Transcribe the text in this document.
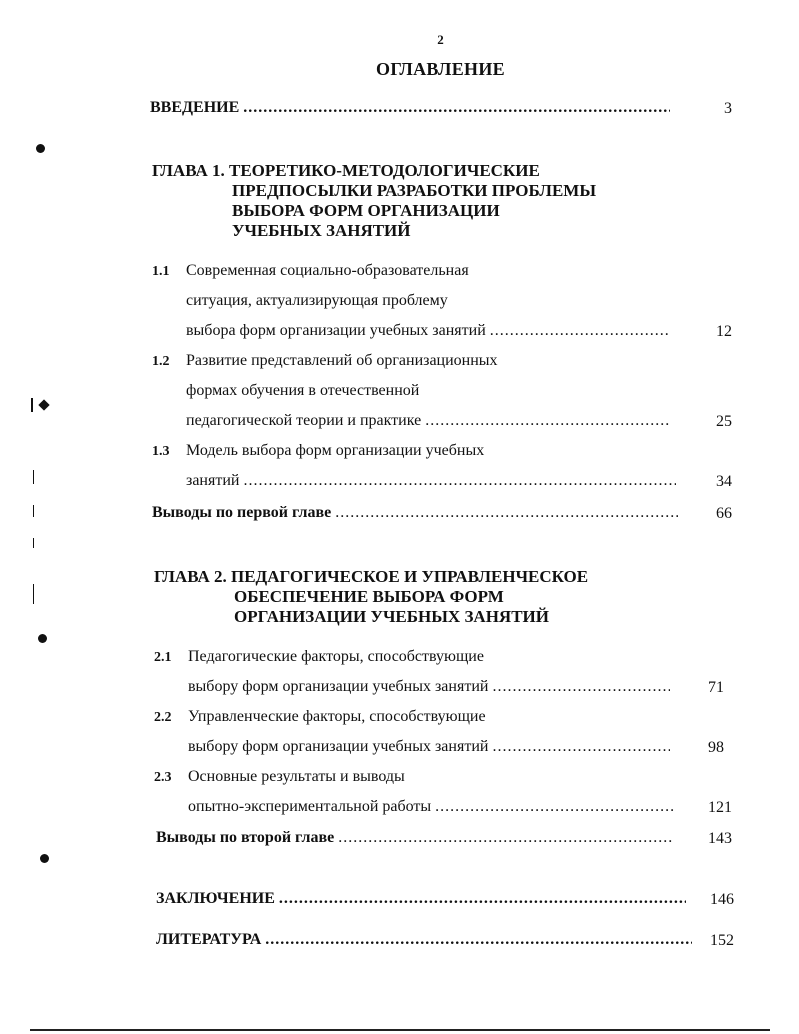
2
ОГЛАВЛЕНИЕ
ВВЕДЕНИЕ .....	3
ГЛАВА 1. ТЕОРЕТИКО-МЕТОДОЛОГИЧЕСКИЕ
ПРЕДПОСЫЛКИ РАЗРАБОТКИ ПРОБЛЕМЫ
ВЫБОРА ФОРМ ОРГАНИЗАЦИИ
УЧЕБНЫХ ЗАНЯТИЙ
1.1 Современная социально-образовательная
ситуация, актуализирующая проблему
выбора форм организации учебных занятий .....	12
1.2 Развитие представлений об организационных
формах обучения в отечественной
педагогической теории и практике .....	25
1.3 Модель выбора форм организации учебных
занятий .....	34
Выводы по первой главе .....	66
ГЛАВА 2. ПЕДАГОГИЧЕСКОЕ И УПРАВЛЕНЧЕСКОЕ
ОБЕСПЕЧЕНИЕ ВЫБОРА ФОРМ
ОРГАНИЗАЦИИ УЧЕБНЫХ ЗАНЯТИЙ
2.1 Педагогические факторы, способствующие
выбору форм организации учебных занятий .....	71
2.2 Управленческие факторы, способствующие
выбору форм организации учебных занятий .....	98
2.3 Основные результаты и выводы
опытно-экспериментальной работы .....	121
Выводы по второй главе .....	143
ЗАКЛЮЧЕНИЕ .....	146
ЛИТЕРАТУРА .....	152
